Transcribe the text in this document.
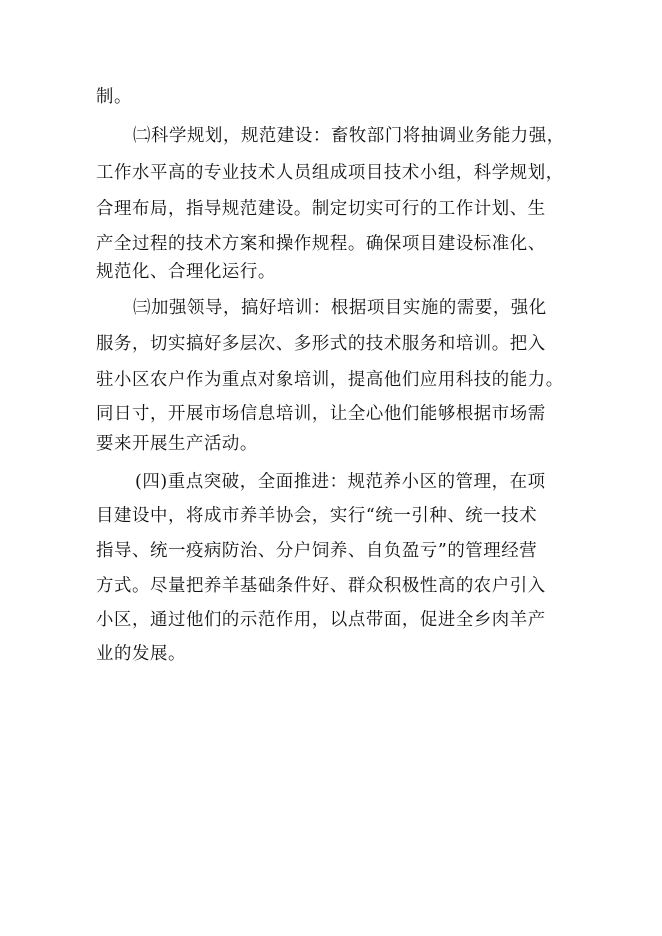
制。

㈡科学规划，规范建设：畜牧部门将抽调业务能力强，

工作水平高的专业技术人员组成项目技术小组，科学规划，

合理布局，指导规范建设。制定切实可行的工作计划、生

产全过程的技术方案和操作规程。确保项目建设标准化、

规范化、合理化运行。

㈢加强领导，搞好培训：根据项目实施的需要，强化

服务，切实搞好多层次、多形式的技术服务和培训。把入

驻小区农户作为重点对象培训，提高他们应用科技的能力。

同日寸，开展市场信息培训，让全心他们能够根据市场需

要来开展生产活动。

(四)重点突破，全面推进：规范养小区的管理，在项

目建设中，将成市养羊协会，实行“统一引种、统一技术

指导、统一疫病防治、分户饲养、自负盈亏”的管理经营

方式。尽量把养羊基础条件好、群众积极性高的农户引入

小区，通过他们的示范作用，以点带面，促进全乡肉羊产

业的发展。
